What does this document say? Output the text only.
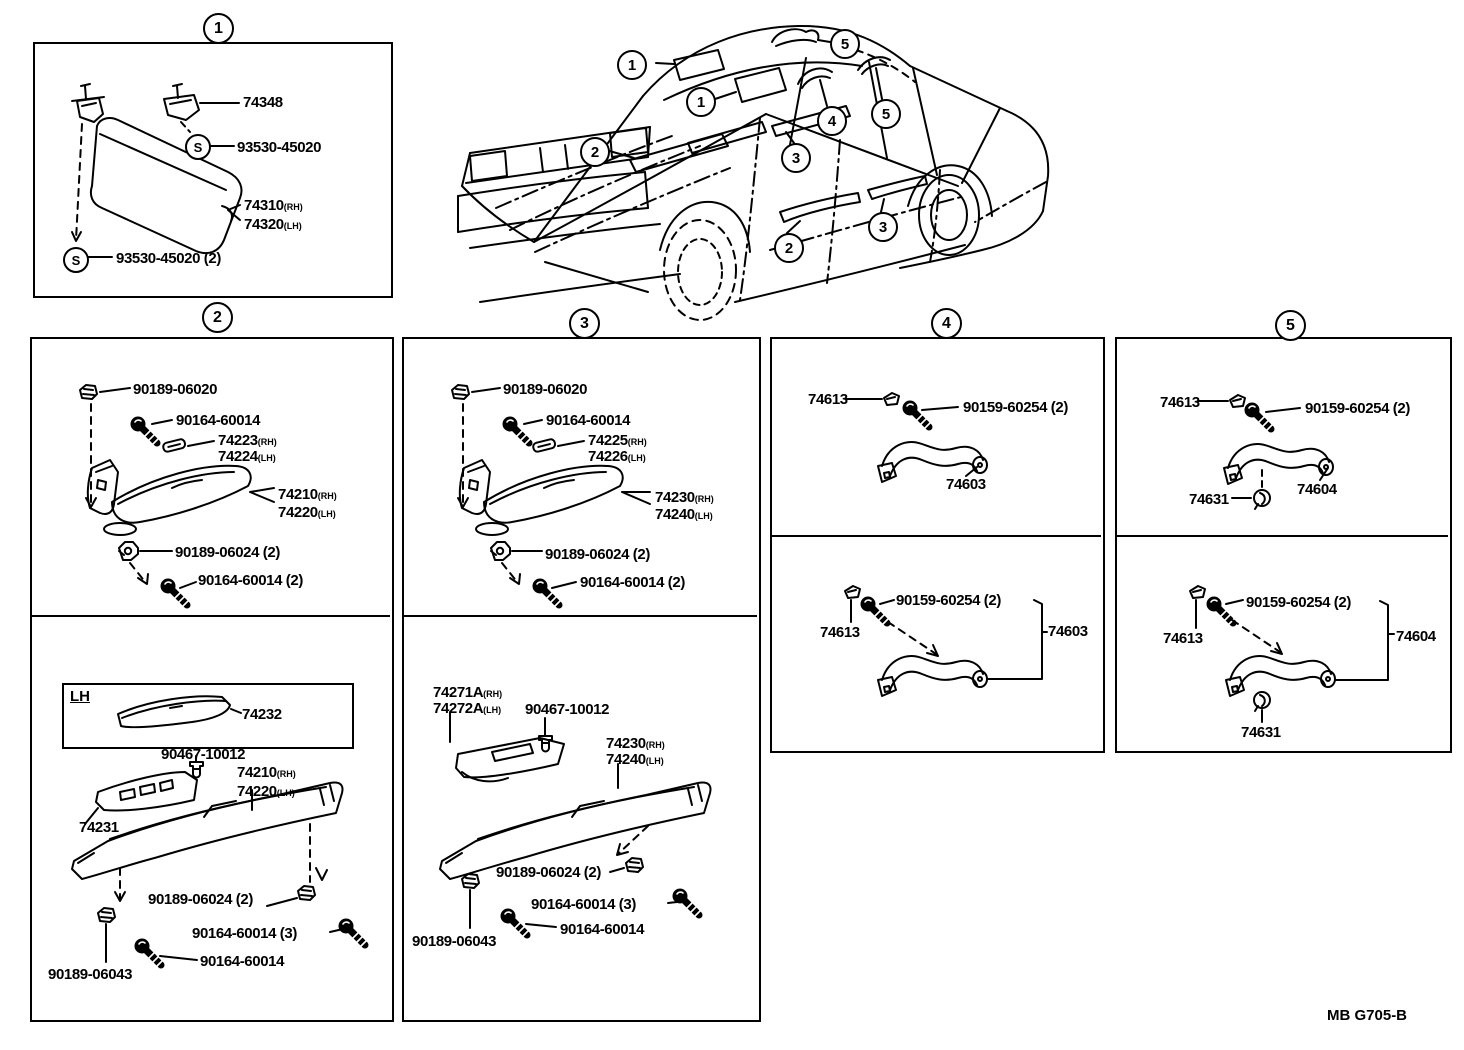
1
2	3	4	5
1
1
5
4	5
2	3
3
2
S
S
74348
93530-45020
74310(RH)
74320(LH)
93530-45020 (2)
90189-06020
90164-60014
74223(RH)
74224(LH)
74210(RH)
74220(LH)
90189-06024 (2)
90164-60014 (2)
LH
74232
90467-10012
74210(RH)
74220(LH)
74231
90189-06024 (2)
90164-60014 (3)
90164-60014
90189-06043
90189-06020
90164-60014
74225(RH)
74226(LH)
74230(RH)
74240(LH)
90189-06024 (2)
90164-60014 (2)
74271A(RH)
74272A(LH) 90467-10012
74230(RH)
74240(LH)
90189-06024 (2)
90164-60014 (3)
90164-60014
90189-06043
74613	90159-60254 (2)
74603
90159-60254 (2)
74613	74603
74613	90159-60254 (2)
74631
74604
90159-60254 (2)
74613	74604
74631
MB G705-B
